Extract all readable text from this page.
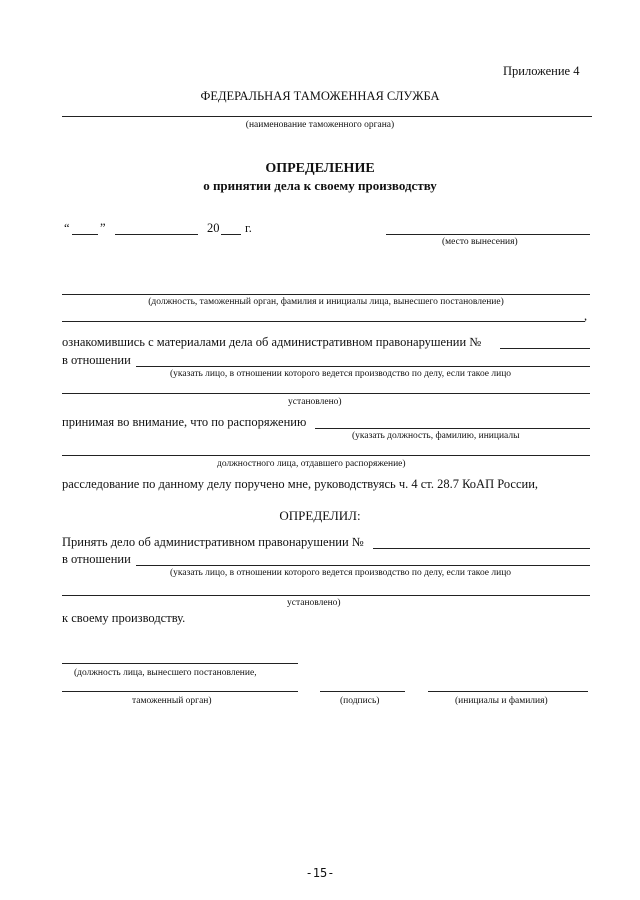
Приложение 4
ФЕДЕРАЛЬНАЯ ТАМОЖЕННАЯ СЛУЖБА
(наименование таможенного органа)
ОПРЕДЕЛЕНИЕ
о принятии дела к своему производству
“ ”	20 г.
(место вынесения)
(должность, таможенный орган, фамилия и инициалы лица, вынесшего постановление)
,
ознакомившись с материалами дела об административном правонарушении №
в отношении
(указать лицо, в отношении которого ведется производство по делу, если такое лицо
установлено)
принимая во внимание, что по распоряжению
(указать должность, фамилию, инициалы
должностного лица, отдавшего распоряжение)
расследование по данному делу поручено мне, руководствуясь ч. 4 ст. 28.7 КоАП России,
ОПРЕДЕЛИЛ:
Принять дело об административном правонарушении №
в отношении
(указать лицо, в отношении которого ведется производство по делу, если такое лицо
установлено)
к своему производству.
(должность лица, вынесшего постановление,
таможенный орган)	(подпись)	(инициалы и фамилия)
-15-
